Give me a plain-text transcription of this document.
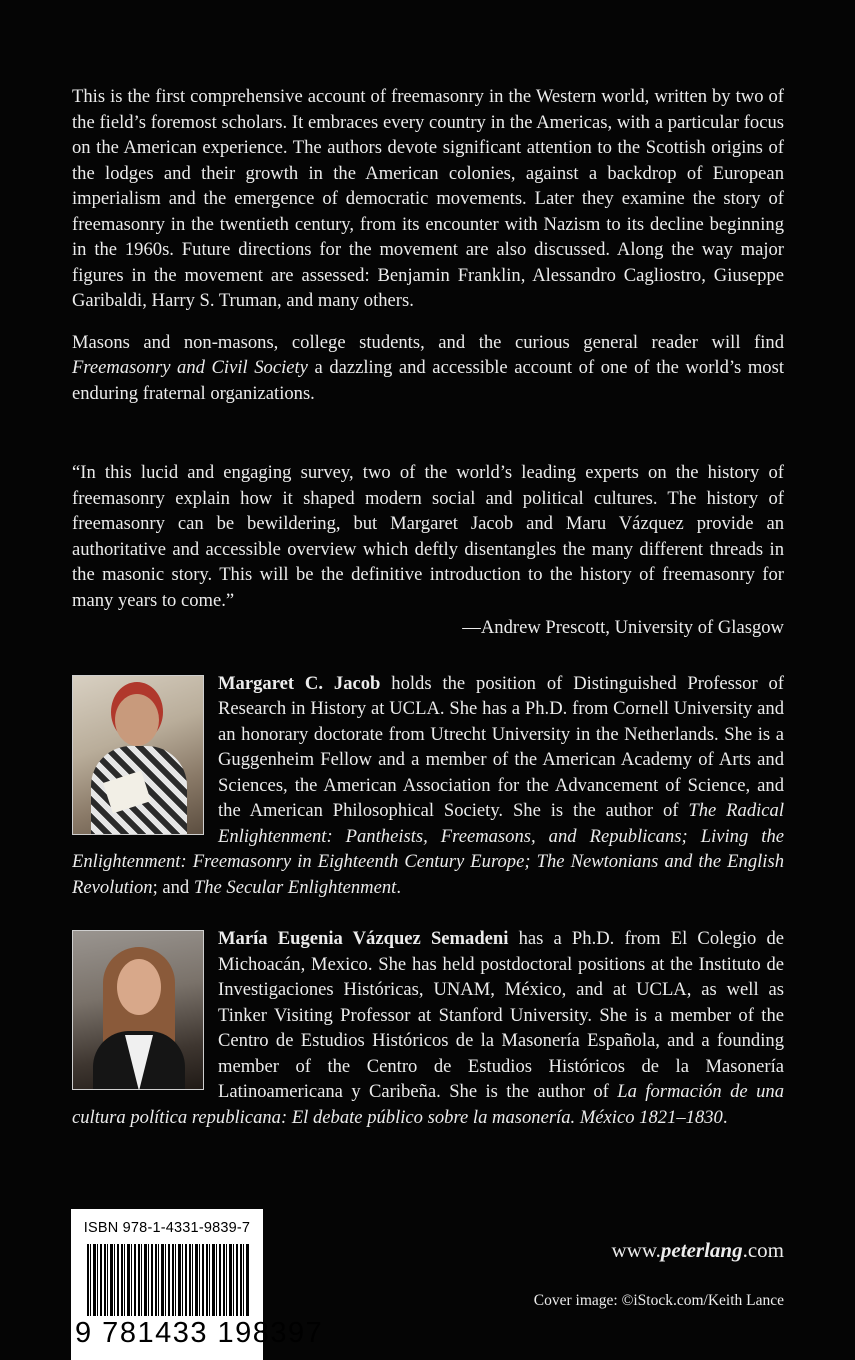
This is the first comprehensive account of freemasonry in the Western world, written by two of the field’s foremost scholars. It embraces every country in the Americas, with a particular focus on the American experience. The authors devote significant attention to the Scottish origins of the lodges and their growth in the American colonies, against a backdrop of European imperialism and the emergence of democratic movements. Later they examine the story of freemasonry in the twentieth century, from its encounter with Nazism to its decline beginning in the 1960s. Future directions for the movement are also discussed. Along the way major figures in the movement are assessed: Benjamin Franklin, Alessandro Cagliostro, Giuseppe Garibaldi, Harry S. Truman, and many others.

Masons and non-masons, college students, and the curious general reader will find Freemasonry and Civil Society a dazzling and accessible account of one of the world’s most enduring fraternal organizations.

“In this lucid and engaging survey, two of the world’s leading experts on the history of freemasonry explain how it shaped modern social and political cultures. The history of freemasonry can be bewildering, but Margaret Jacob and Maru Vázquez provide an authoritative and accessible overview which deftly disentangles the many different threads in the masonic story. This will be the definitive introduction to the history of freemasonry for many years to come.”

—Andrew Prescott, University of Glasgow

Margaret C. Jacob holds the position of Distinguished Professor of Research in History at UCLA. She has a Ph.D. from Cornell University and an honorary doctorate from Utrecht University in the Netherlands. She is a Guggenheim Fellow and a member of the American Academy of Arts and Sciences, the American Association for the Advancement of Science, and the American Philosophical Society. She is the author of The Radical Enlightenment: Pantheists, Freemasons, and Republicans; Living the Enlightenment: Freemasonry in Eighteenth Century Europe; The Newtonians and the English Revolution; and The Secular Enlightenment.

María Eugenia Vázquez Semadeni has a Ph.D. from El Colegio de Michoacán, Mexico. She has held postdoctoral positions at the Instituto de Investigaciones Históricas, UNAM, México, and at UCLA, as well as Tinker Visiting Professor at Stanford University. She is a member of the Centro de Estudios Históricos de la Masonería Española, and a founding member of the Centro de Estudios Históricos de la Masonería Latinoamericana y Caribeña. She is the author of La formación de una cultura política republicana: El debate público sobre la masonería. México 1821–1830.

ISBN 978-1-4331-9839-7
9 781433 198397
www.peterlang.com
Cover image: ©iStock.com/Keith Lance
